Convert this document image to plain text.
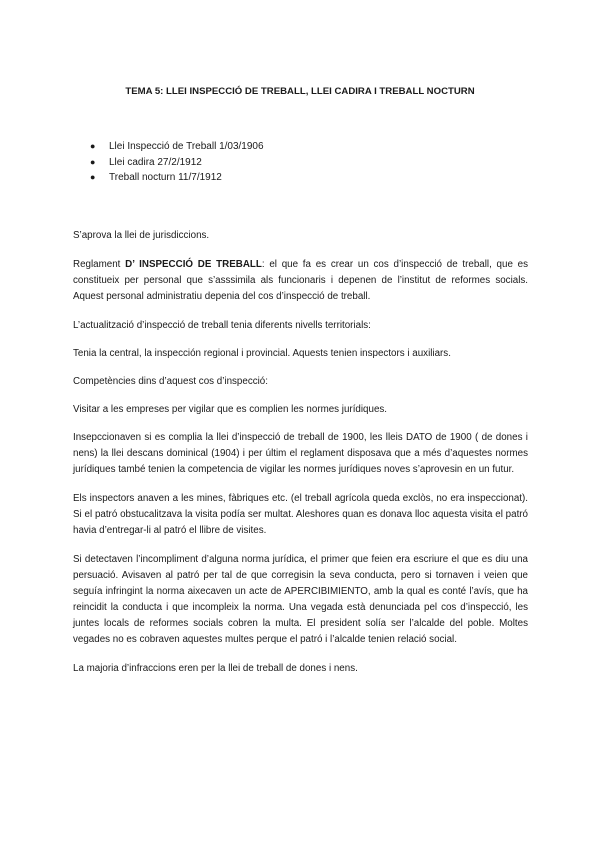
TEMA 5: LLEI INSPECCIÓ DE TREBALL, LLEI CADIRA I TREBALL NOCTURN
● Llei Inspecció de Treball 1/03/1906
● Llei cadira 27/2/1912
● Treball nocturn 11/7/1912

S’aprova la llei de jurisdiccions.

Reglament D’ INSPECCIÓ DE TREBALL: el que fa es crear un cos d’inspecció de treball, que es constitueix per personal que s’asssimila als funcionaris i depenen de l’institut de reformes socials. Aquest personal administratiu depenia del cos d’inspecció de treball.

L’actualització d’inspecció de treball tenia diferents nivells territorials:

Tenia la central, la inspección regional i provincial. Aquests tenien inspectors i auxiliars.

Competències dins d’aquest cos d’inspecció:

Visitar a les empreses per vigilar que es complien les normes jurídiques.

Insepccionaven si es complia la llei d’inspecció de treball de 1900, les lleis DATO de 1900 ( de dones i nens) la llei descans dominical (1904) i per últim el reglament disposava que a més d’aquestes normes jurídiques també tenien la competencia de vigilar les normes jurídiques noves s’aprovesin en un futur.

Els inspectors anaven a les mines, fàbriques etc. (el treball agrícola queda exclòs, no era inspeccionat). Si el patró obstucalitzava la visita podía ser multat. Aleshores quan es donava lloc aquesta visita el patró havia d’entregar-li al patró el llibre de visites.

Si detectaven l’incompliment d’alguna norma jurídica, el primer que feien era escriure el que es diu una persuació. Avisaven al patró per tal de que corregisin la seva conducta, pero si tornaven i veien que seguía infringint la norma aixecaven un acte de APERCIBIMIENTO, amb la qual es conté l’avís, que ha reincidit la conducta i que incompleix la norma. Una vegada està denunciada pel cos d’inspecció, les juntes locals de reformes socials cobren la multa. El president solía ser l’alcalde del poble. Moltes vegades no es cobraven aquestes multes perque el patró i l’alcalde tenien relació social.

La majoria d’infraccions eren per la llei de treball de dones i nens.
